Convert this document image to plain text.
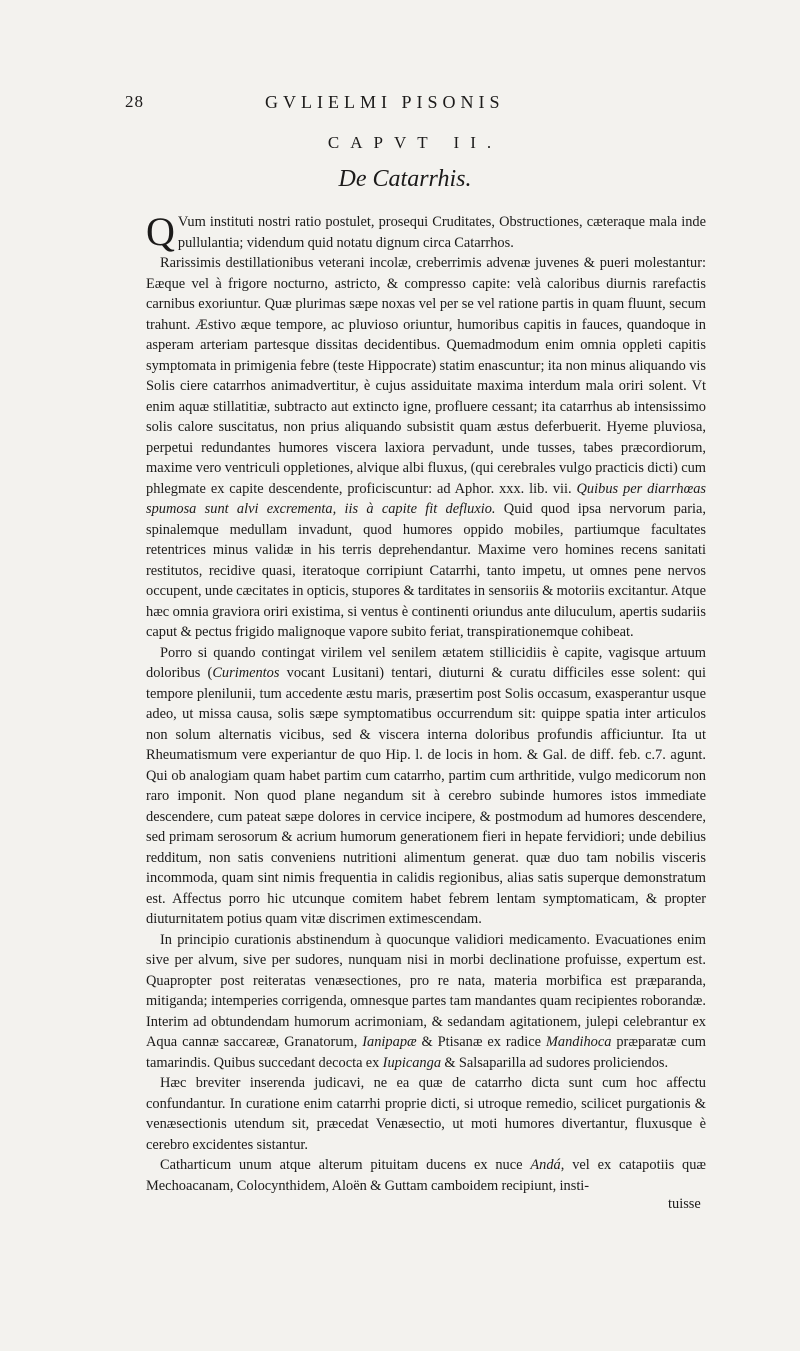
28	GVLIELMI PISONIS
CAPVT II.
De Catarrhis.

Q Vum instituti nostri ratio postulet, prosequi Cruditates, Obstructiones, cæteraque mala inde pullulantia; videndum quid notatu dignum circa Catarrhos.

Rarissimis destillationibus veterani incolæ, creberrimis advenæ juvenes & pueri molestantur: Eæque vel à frigore nocturno, astricto, & compresso capite: velà caloribus diurnis rarefactis carnibus exoriuntur. Quæ plurimas sæpe noxas vel per se vel ratione partis in quam fluunt, secum trahunt. Æstivo æque tempore, ac pluvioso oriuntur, humoribus capitis in fauces, quandoque in asperam arteriam partesque dissitas decidentibus. Quemadmodum enim omnia oppleti capitis symptomata in primigenia febre (teste Hippocrate) statim enascuntur; ita non minus aliquando vis Solis ciere catarrhos animadvertitur, è cujus assiduitate maxima interdum mala oriri solent. Vt enim aquæ stillatitiæ, subtracto aut extincto igne, profluere cessant; ita catarrhus ab intensissimo solis calore suscitatus, non prius aliquando subsistit quam æstus deferbuerit. Hyeme pluviosa, perpetui redundantes humores viscera laxiora pervadunt, unde tusses, tabes præcordiorum, maxime vero ventriculi oppletiones, alvique albi fluxus, (qui cerebrales vulgo practicis dicti) cum phlegmate ex capite descendente, proficiscuntur: ad Aphor. xxx. lib. vii. Quibus per diarrhœas spumosa sunt alvi excrementa, iis à capite fit defluxio. Quid quod ipsa nervorum paria, spinalemque medullam invadunt, quod humores oppido mobiles, partiumque facultates retentrices minus validæ in his terris deprehendantur. Maxime vero homines recens sanitati restitutos, recidive quasi, iteratoque corripiunt Catarrhi, tanto impetu, ut omnes pene nervos occupent, unde cæcitates in opticis, stupores & tarditates in sensoriis & motoriis excitantur. Atque hæc omnia graviora oriri existima, si ventus è continenti oriundus ante diluculum, apertis sudariis caput & pectus frigido malignoque vapore subito feriat, transpirationemque cohibeat.

Porro si quando contingat virilem vel senilem ætatem stillicidiis è capite, vagisque artuum doloribus (Curimentos vocant Lusitani) tentari, diuturni & curatu difficiles esse solent: qui tempore plenilunii, tum accedente æstu maris, præsertim post Solis occasum, exasperantur usque adeo, ut missa causa, solis sæpe symptomatibus occurrendum sit: quippe spatia inter articulos non solum alternatis vicibus, sed & viscera interna doloribus profundis afficiuntur. Ita ut Rheumatismum vere experiantur de quo Hip. l. de locis in hom. & Gal. de diff. feb. c.7. agunt. Qui ob analogiam quam habet partim cum catarrho, partim cum arthritide, vulgo medicorum non raro imponit. Non quod plane negandum sit à cerebro subinde humores istos immediate descendere, cum pateat sæpe dolores in cervice incipere, & postmodum ad humores descendere, sed primam serosorum & acrium humorum generationem fieri in hepate fervidiori; unde debilius redditum, non satis conveniens nutritioni alimentum generat. quæ duo tam nobilis visceris incommoda, quam sint nimis frequentia in calidis regionibus, alias satis superque demonstratum est. Affectus porro hic utcunque comitem habet febrem lentam symptomaticam, & propter diuturnitatem potius quam vitæ discrimen extimescendam.

In principio curationis abstinendum à quocunque validiori medicamento. Evacuationes enim sive per alvum, sive per sudores, nunquam nisi in morbi declinatione profuisse, expertum est. Quapropter post reiteratas venæsectiones, pro re nata, materia morbifica est præparanda, mitiganda; intemperies corrigenda, omnesque partes tam mandantes quam recipientes roborandæ. Interim ad obtundendam humorum acrimoniam, & sedandam agitationem, julepi celebrantur ex Aqua cannæ saccareæ, Granatorum, Ianipapæ & Ptisanæ ex radice Mandihoca præparatæ cum tamarindis. Quibus succedant decocta ex Iupicanga & Salsaparilla ad sudores proliciendos.

Hæc breviter inserenda judicavi, ne ea quæ de catarrho dicta sunt cum hoc affectu confundantur. In curatione enim catarrhi proprie dicti, si utroque remedio, scilicet purgationis & venæsectionis utendum sit, præcedat Venæsectio, ut moti humores divertantur, fluxusque è cerebro excidentes sistantur.

Catharticum unum atque alterum pituitam ducens ex nuce Andá, vel ex catapotiis quæ Mechoacanam, Colocynthidem, Aloën & Guttam camboidem recipiunt, insti-

tuisse
